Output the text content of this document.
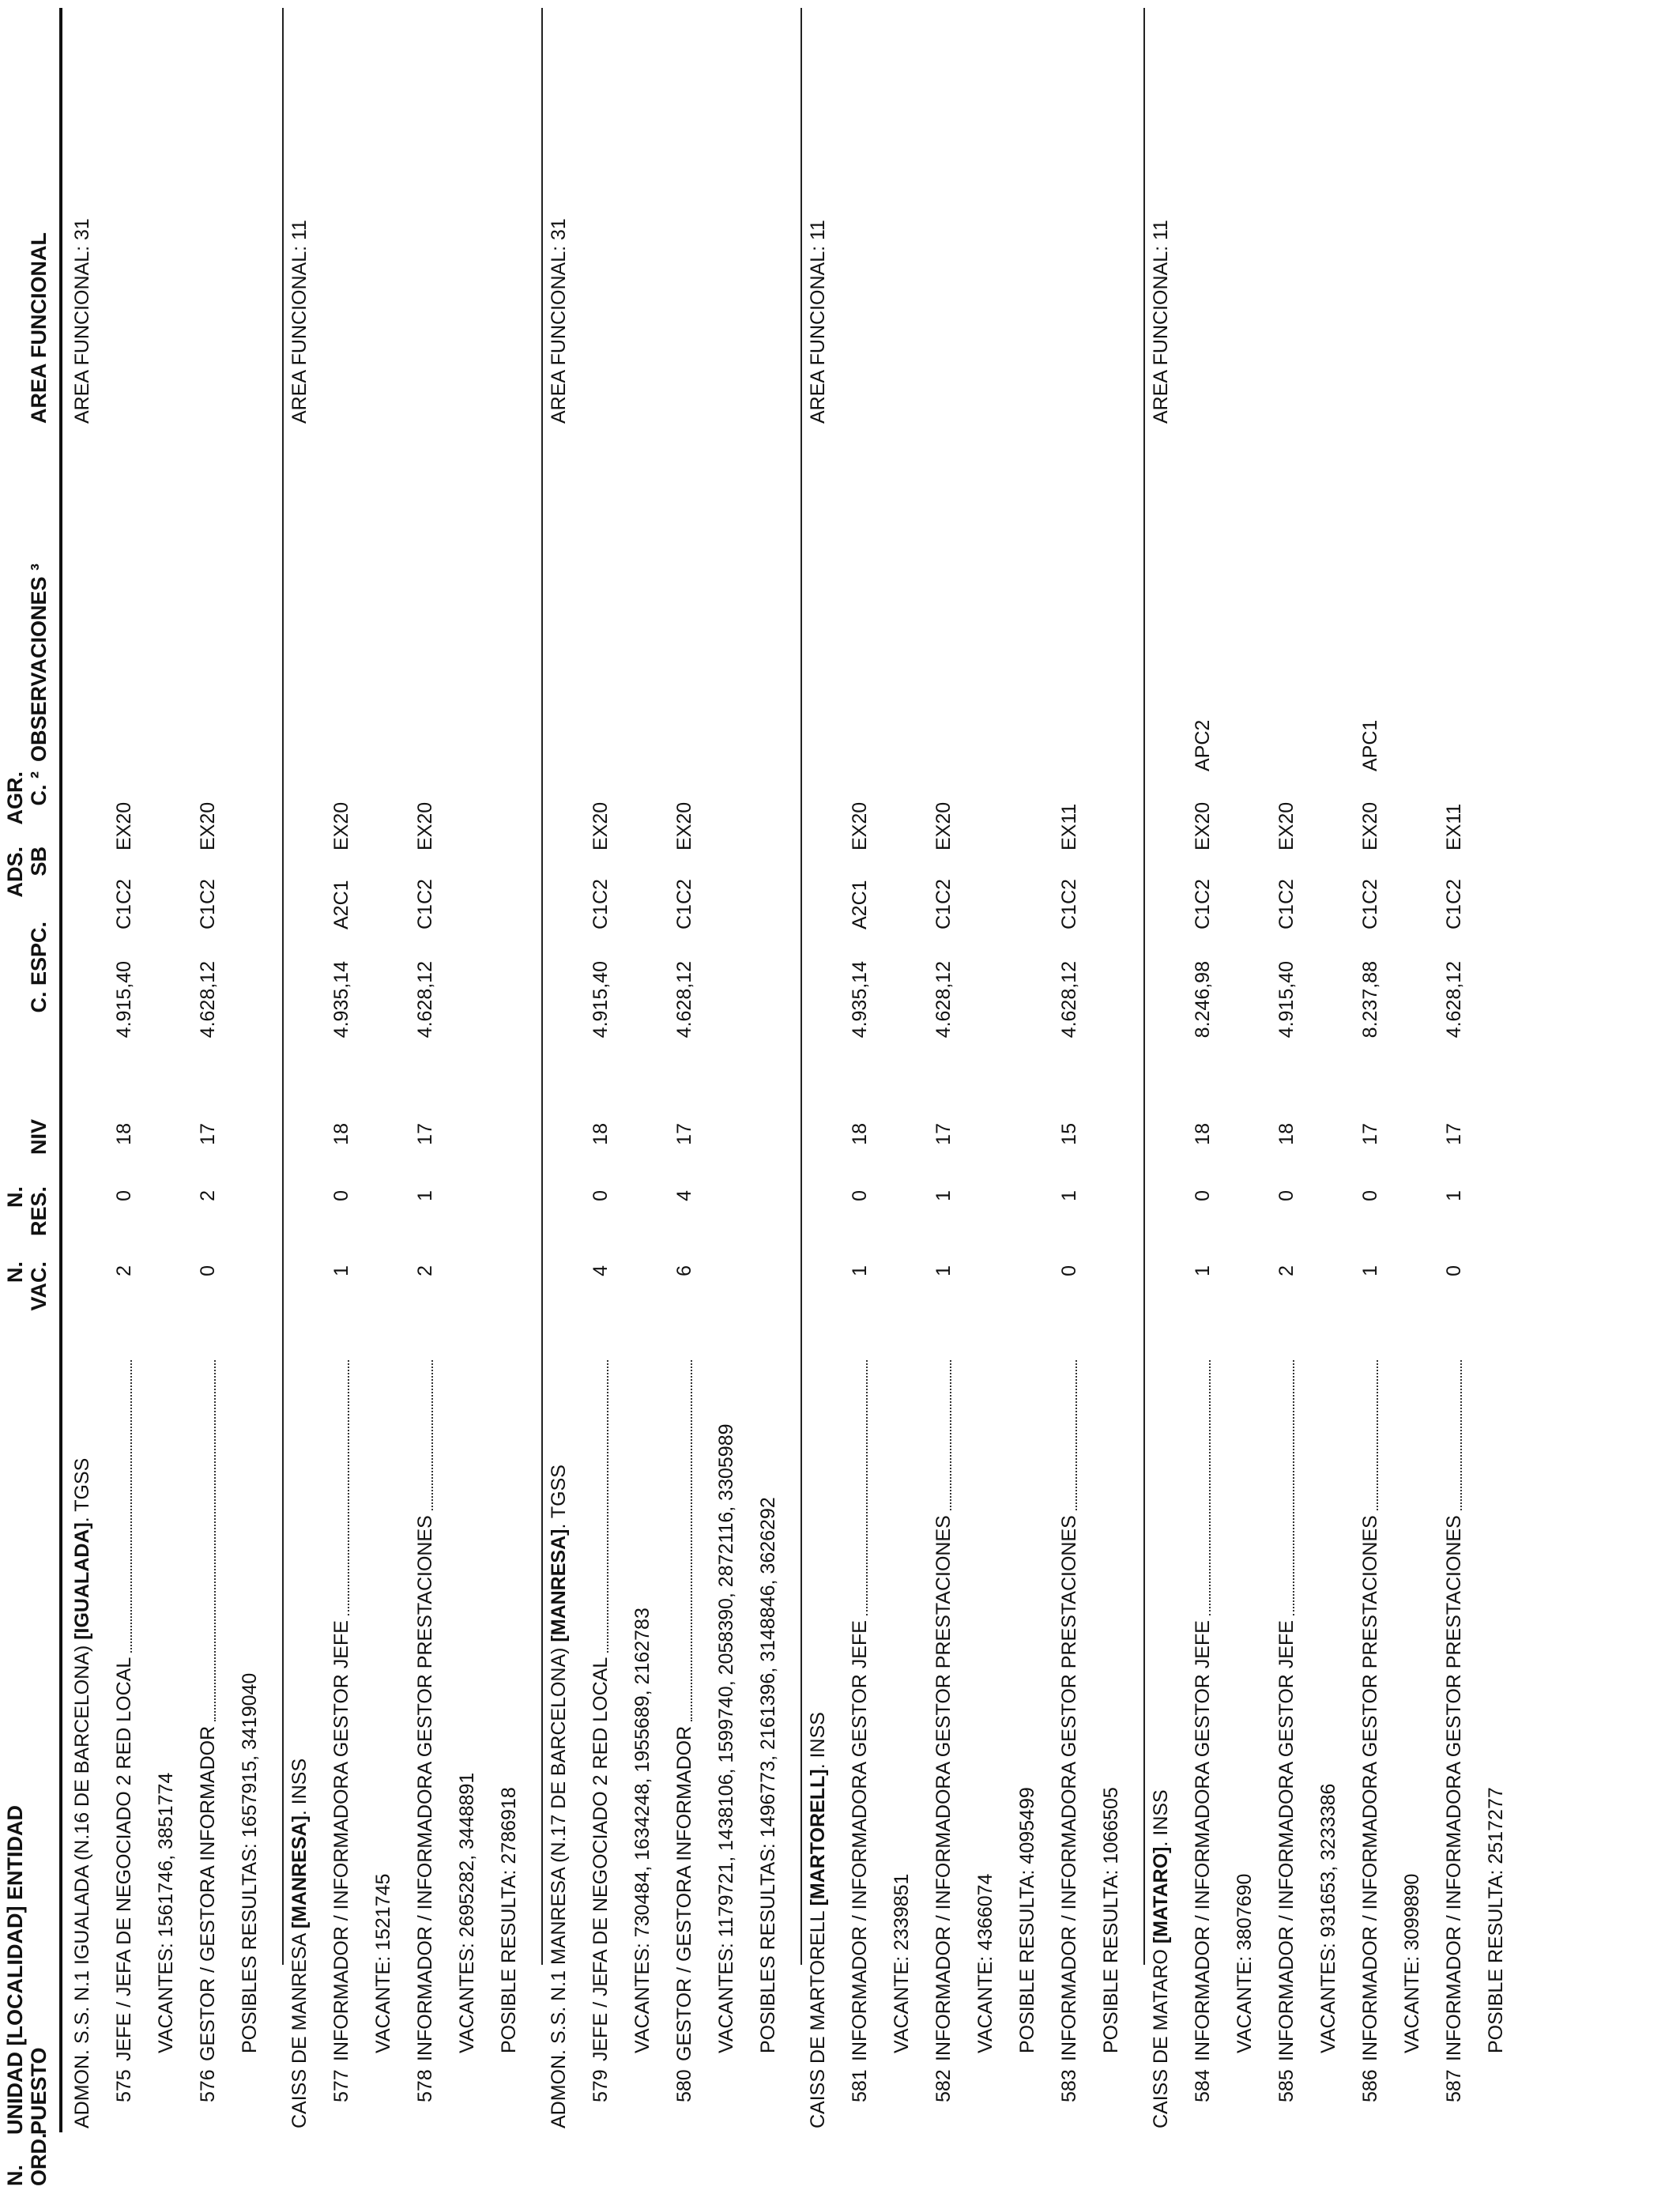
N. ORD.
UNIDAD [LOCALIDAD] ENTIDAD PUESTO
N. VAC.
N. RES.
NIV
C. ESPC.
ADS. SB
AGR. C. ²
OBSERVACIONES ³
AREA FUNCIONAL
ADMON. S.S. N.1 IGUALADA (N.16 DE BARCELONA) [IGUALADA]. TGSS
AREA FUNCIONAL: 31
575
JEFE / JEFA DE NEGOCIADO 2 RED LOCAL
2
0
18
4.915,40
C1C2
EX20
VACANTES: 1561746, 3851774
576
GESTOR / GESTORA INFORMADOR
0
2
17
4.628,12
C1C2
EX20
POSIBLES RESULTAS: 1657915, 3419040 CAISS DE MANRESA [MANRESA]. INSS
AREA FUNCIONAL: 11
577
INFORMADOR / INFORMADORA GESTOR JEFE
1
0
18
4.935,14
A2C1
EX20
VACANTE: 1521745
578
INFORMADOR / INFORMADORA GESTOR PRESTACIONES
2
1
17
4.628,12
C1C2
EX20
VACANTES: 2695282, 3448891 POSIBLE RESULTA: 2786918 ADMON. S.S. N.1 MANRESA (N.17 DE BARCELONA) [MANRESA]. TGSS
AREA FUNCIONAL: 31
579
JEFE / JEFA DE NEGOCIADO 2 RED LOCAL
4
0
18
4.915,40
C1C2
EX20
VACANTES: 730484, 1634248, 1955689, 2162783
580
GESTOR / GESTORA INFORMADOR
6
4
17
4.628,12
C1C2
EX20
VACANTES: 1179721, 1438106, 1599740, 2058390, 2872116, 3305989 POSIBLES RESULTAS: 1496773, 2161396, 3148846, 3626292 CAISS DE MARTORELL [MARTORELL]. INSS
AREA FUNCIONAL: 11
581
INFORMADOR / INFORMADORA GESTOR JEFE
1
0
18
4.935,14
A2C1
EX20
VACANTE: 2339851
582
INFORMADOR / INFORMADORA GESTOR PRESTACIONES
1
1
17
4.628,12
C1C2
EX20
VACANTE: 4366074 POSIBLE RESULTA: 4095499
583
INFORMADOR / INFORMADORA GESTOR PRESTACIONES
0
1
15
4.628,12
C1C2
EX11
POSIBLE RESULTA: 1066505 CAISS DE MATARO [MATARO]. INSS
AREA FUNCIONAL: 11
584
INFORMADOR / INFORMADORA GESTOR JEFE
1
0
18
8.246,98
C1C2
EX20
APC2
VACANTE: 3807690
585
INFORMADOR / INFORMADORA GESTOR JEFE
2
0
18
4.915,40
C1C2
EX20
VACANTES: 931653, 3233386
586
INFORMADOR / INFORMADORA GESTOR PRESTACIONES
1
0
17
8.237,88
C1C2
EX20
APC1
VACANTE: 3099890
587
INFORMADOR / INFORMADORA GESTOR PRESTACIONES
0
1
17
4.628,12
C1C2
EX11
POSIBLE RESULTA: 2517277
